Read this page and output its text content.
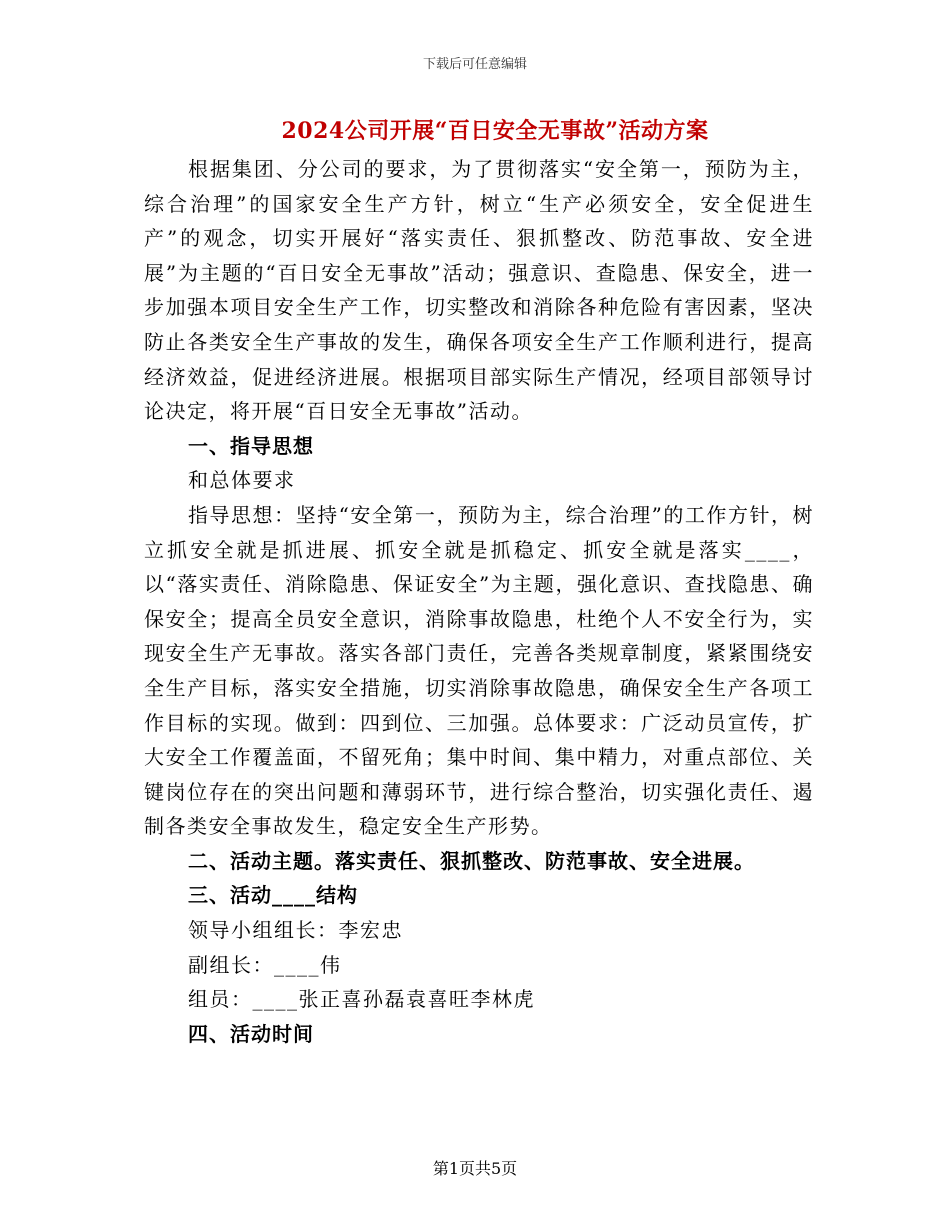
下载后可任意编辑
2024公司开展“百日安全无事故”活动方案

根据集团、分公司的要求，为了贯彻落实“安全第一，预防为主，综合治理”的国家安全生产方针，树立“生产必须安全，安全促进生产”的观念，切实开展好“落实责任、狠抓整改、防范事故、安全进展”为主题的“百日安全无事故”活动；强意识、查隐患、保安全，进一步加强本项目安全生产工作，切实整改和消除各种危险有害因素，坚决防止各类安全生产事故的发生，确保各项安全生产工作顺利进行，提高经济效益，促进经济进展。根据项目部实际生产情况，经项目部领导讨论决定，将开展“百日安全无事故”活动。

一、指导思想

和总体要求

指导思想：坚持“安全第一，预防为主，综合治理”的工作方针，树立抓安全就是抓进展、抓安全就是抓稳定、抓安全就是落实____，以“落实责任、消除隐患、保证安全”为主题，强化意识、查找隐患、确保安全；提高全员安全意识，消除事故隐患，杜绝个人不安全行为，实现安全生产无事故。落实各部门责任，完善各类规章制度，紧紧围绕安全生产目标，落实安全措施，切实消除事故隐患，确保安全生产各项工作目标的实现。做到：四到位、三加强。总体要求：广泛动员宣传，扩大安全工作覆盖面，不留死角；集中时间、集中精力，对重点部位、关键岗位存在的突出问题和薄弱环节，进行综合整治，切实强化责任、遏制各类安全事故发生，稳定安全生产形势。

二、活动主题。落实责任、狠抓整改、防范事故、安全进展。

三、活动____结构

领导小组组长：李宏忠

副组长：____伟

组员：____张正喜孙磊袁喜旺李林虎

四、活动时间

第1页共5页
